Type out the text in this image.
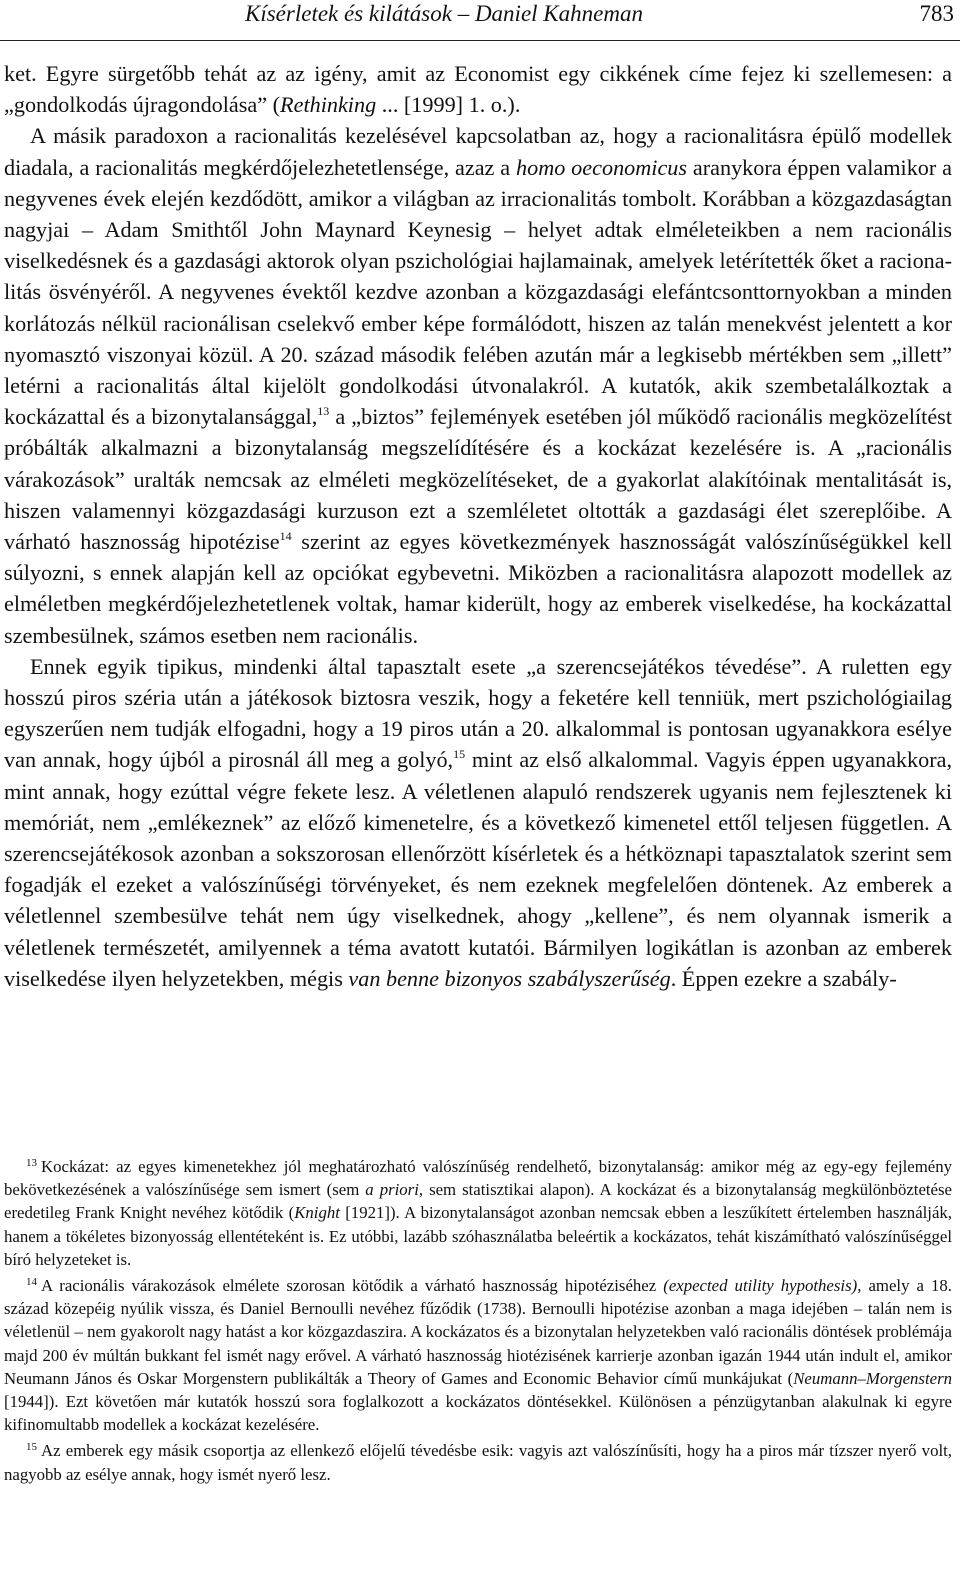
Kísérletek és kilátások – Daniel Kahneman	783

ket. Egyre sürgetőbb tehát az az igény, amit az Economist egy cikkének címe fejez ki szellemesen: a „gondolkodás újragondolása” (Rethinking ... [1999] 1. o.).

A másik paradoxon a racionalitás kezelésével kapcsolatban az, hogy a racionalitásra épülő modellek diadala, a racionalitás megkérdőjelezhetetlensége, azaz a homo oeconomicus aranykora éppen valamikor a negyvenes évek elején kezdődött, amikor a világban az irracionalitás tombolt. Korábban a közgazdaságtan nagyjai – Adam Smithtől John Maynard Keynesig – helyet adtak elméleteikben a nem racionális viselkedésnek és a gazdasági aktorok olyan pszichológiai hajlamainak, amelyek letérítették őket a racionalitás ösvényéről. A negyvenes évektől kezdve azonban a közgazdasági elefántcsonttornyokban a minden korlátozás nélkül racionálisan cselekvő ember képe formálódott, hiszen az talán menekvést jelentett a kor nyomasztó viszonyai közül. A 20. század második felében azután már a legkisebb mértékben sem „illett” letérni a racionalitás által kijelölt gondolkodási útvonalakról. A kutatók, akik szembetalálkoztak a kockázattal és a bizonytalansággal,$^{13}$ a „biztos” fejlemények esetében jól működő racionális megközelítést próbálták alkalmazni a bizonytalanság megszelídítésére és a kockázat kezelésére is. A „racionális várakozások” uralták nemcsak az elméleti megközelítéseket, de a gyakorlat alakítóinak mentalitását is, hiszen valamennyi közgazdasági kurzuson ezt a szemléletet oltották a gazdasági élet szereplőibe. A várható hasznosság hipotézise$^{14}$ szerint az egyes következmények hasznosságát valószínűségükkel kell súlyozni, s ennek alapján kell az opciókat egybevetni. Miközben a racionalitásra alapozott modellek az elméletben megkérdőjelezhetetlenek voltak, hamar kiderült, hogy az emberek viselkedése, ha kockázattal szembesülnek, számos esetben nem racionális.

Ennek egyik tipikus, mindenki által tapasztalt esete „a szerencsejátékos tévedése”. A ruletten egy hosszú piros széria után a játékosok biztosra veszik, hogy a feketére kell tenniük, mert pszichológiailag egyszerűen nem tudják elfogadni, hogy a 19 piros után a 20. alkalommal is pontosan ugyanakkora esélye van annak, hogy újból a pirosnál áll meg a golyó,$^{15}$ mint az első alkalommal. Vagyis éppen ugyanakkora, mint annak, hogy ezúttal végre fekete lesz. A véletlenen alapuló rendszerek ugyanis nem fejlesztenek ki memóriát, nem „emlékeznek” az előző kimenetelre, és a következő kimenetel ettől teljesen független. A szerencsejátékosok azonban a sokszorosan ellenőrzött kísérletek és a hétköznapi tapasztalatok szerint sem fogadják el ezeket a valószínűségi törvényeket, és nem ezeknek megfelelően döntenek. Az emberek a véletlennel szembesülve tehát nem úgy viselkednek, ahogy „kellene”, és nem olyannak ismerik a véletlenek természetét, amilyennek a téma avatott kutatói. Bármilyen logikátlan is azonban az emberek viselkedése ilyen helyzetekben, mégis van benne bizonyos szabályszerűség. Éppen ezekre a szabály-

$^{13}$ Kockázat: az egyes kimenetekhez jól meghatározható valószínűség rendelhető, bizonytalanság: amikor még az egy-egy fejlemény bekövetkezésének a valószínűsége sem ismert (sem a priori, sem statisztikai alapon). A kockázat és a bizonytalanság megkülönböztetése eredetileg Frank Knight nevéhez kötődik (Knight [1921]). A bizonytalanságot azonban nemcsak ebben a leszűkített értelemben használják, hanem a tökéletes bizonyosság ellentéteként is. Ez utóbbi, lazább szóhasználatba beleértik a kockázatos, tehát kiszámítható valószínűséggel bíró helyzeteket is.

$^{14}$ A racionális várakozások elmélete szorosan kötődik a várható hasznosság hipotéziséhez (expected utility hypothesis), amely a 18. század közepéig nyúlik vissza, és Daniel Bernoulli nevéhez fűződik (1738). Bernoulli hipotézise azonban a maga idejében – talán nem is véletlenül – nem gyakorolt nagy hatást a kor közgazdaszira. A kockázatos és a bizonytalan helyzetekben való racionális döntések problémája majd 200 év múltán bukkant fel ismét nagy erővel. A várható hasznosság hiotézisének karrierje azonban igazán 1944 után indult el, amikor Neumann János és Oskar Morgenstern publikálták a Theory of Games and Economic Behavior című munkájukat (Neumann–Morgenstern [1944]). Ezt követően már kutatók hosszú sora foglalkozott a kockázatos döntésekkel. Különösen a pénzügytanban alakulnak ki egyre kifinomultabb modellek a kockázat kezelésére.

$^{15}$ Az emberek egy másik csoportja az ellenkező előjelű tévedésbe esik: vagyis azt valószínűsíti, hogy ha a piros már tízszer nyerő volt, nagyobb az esélye annak, hogy ismét nyerő lesz.
